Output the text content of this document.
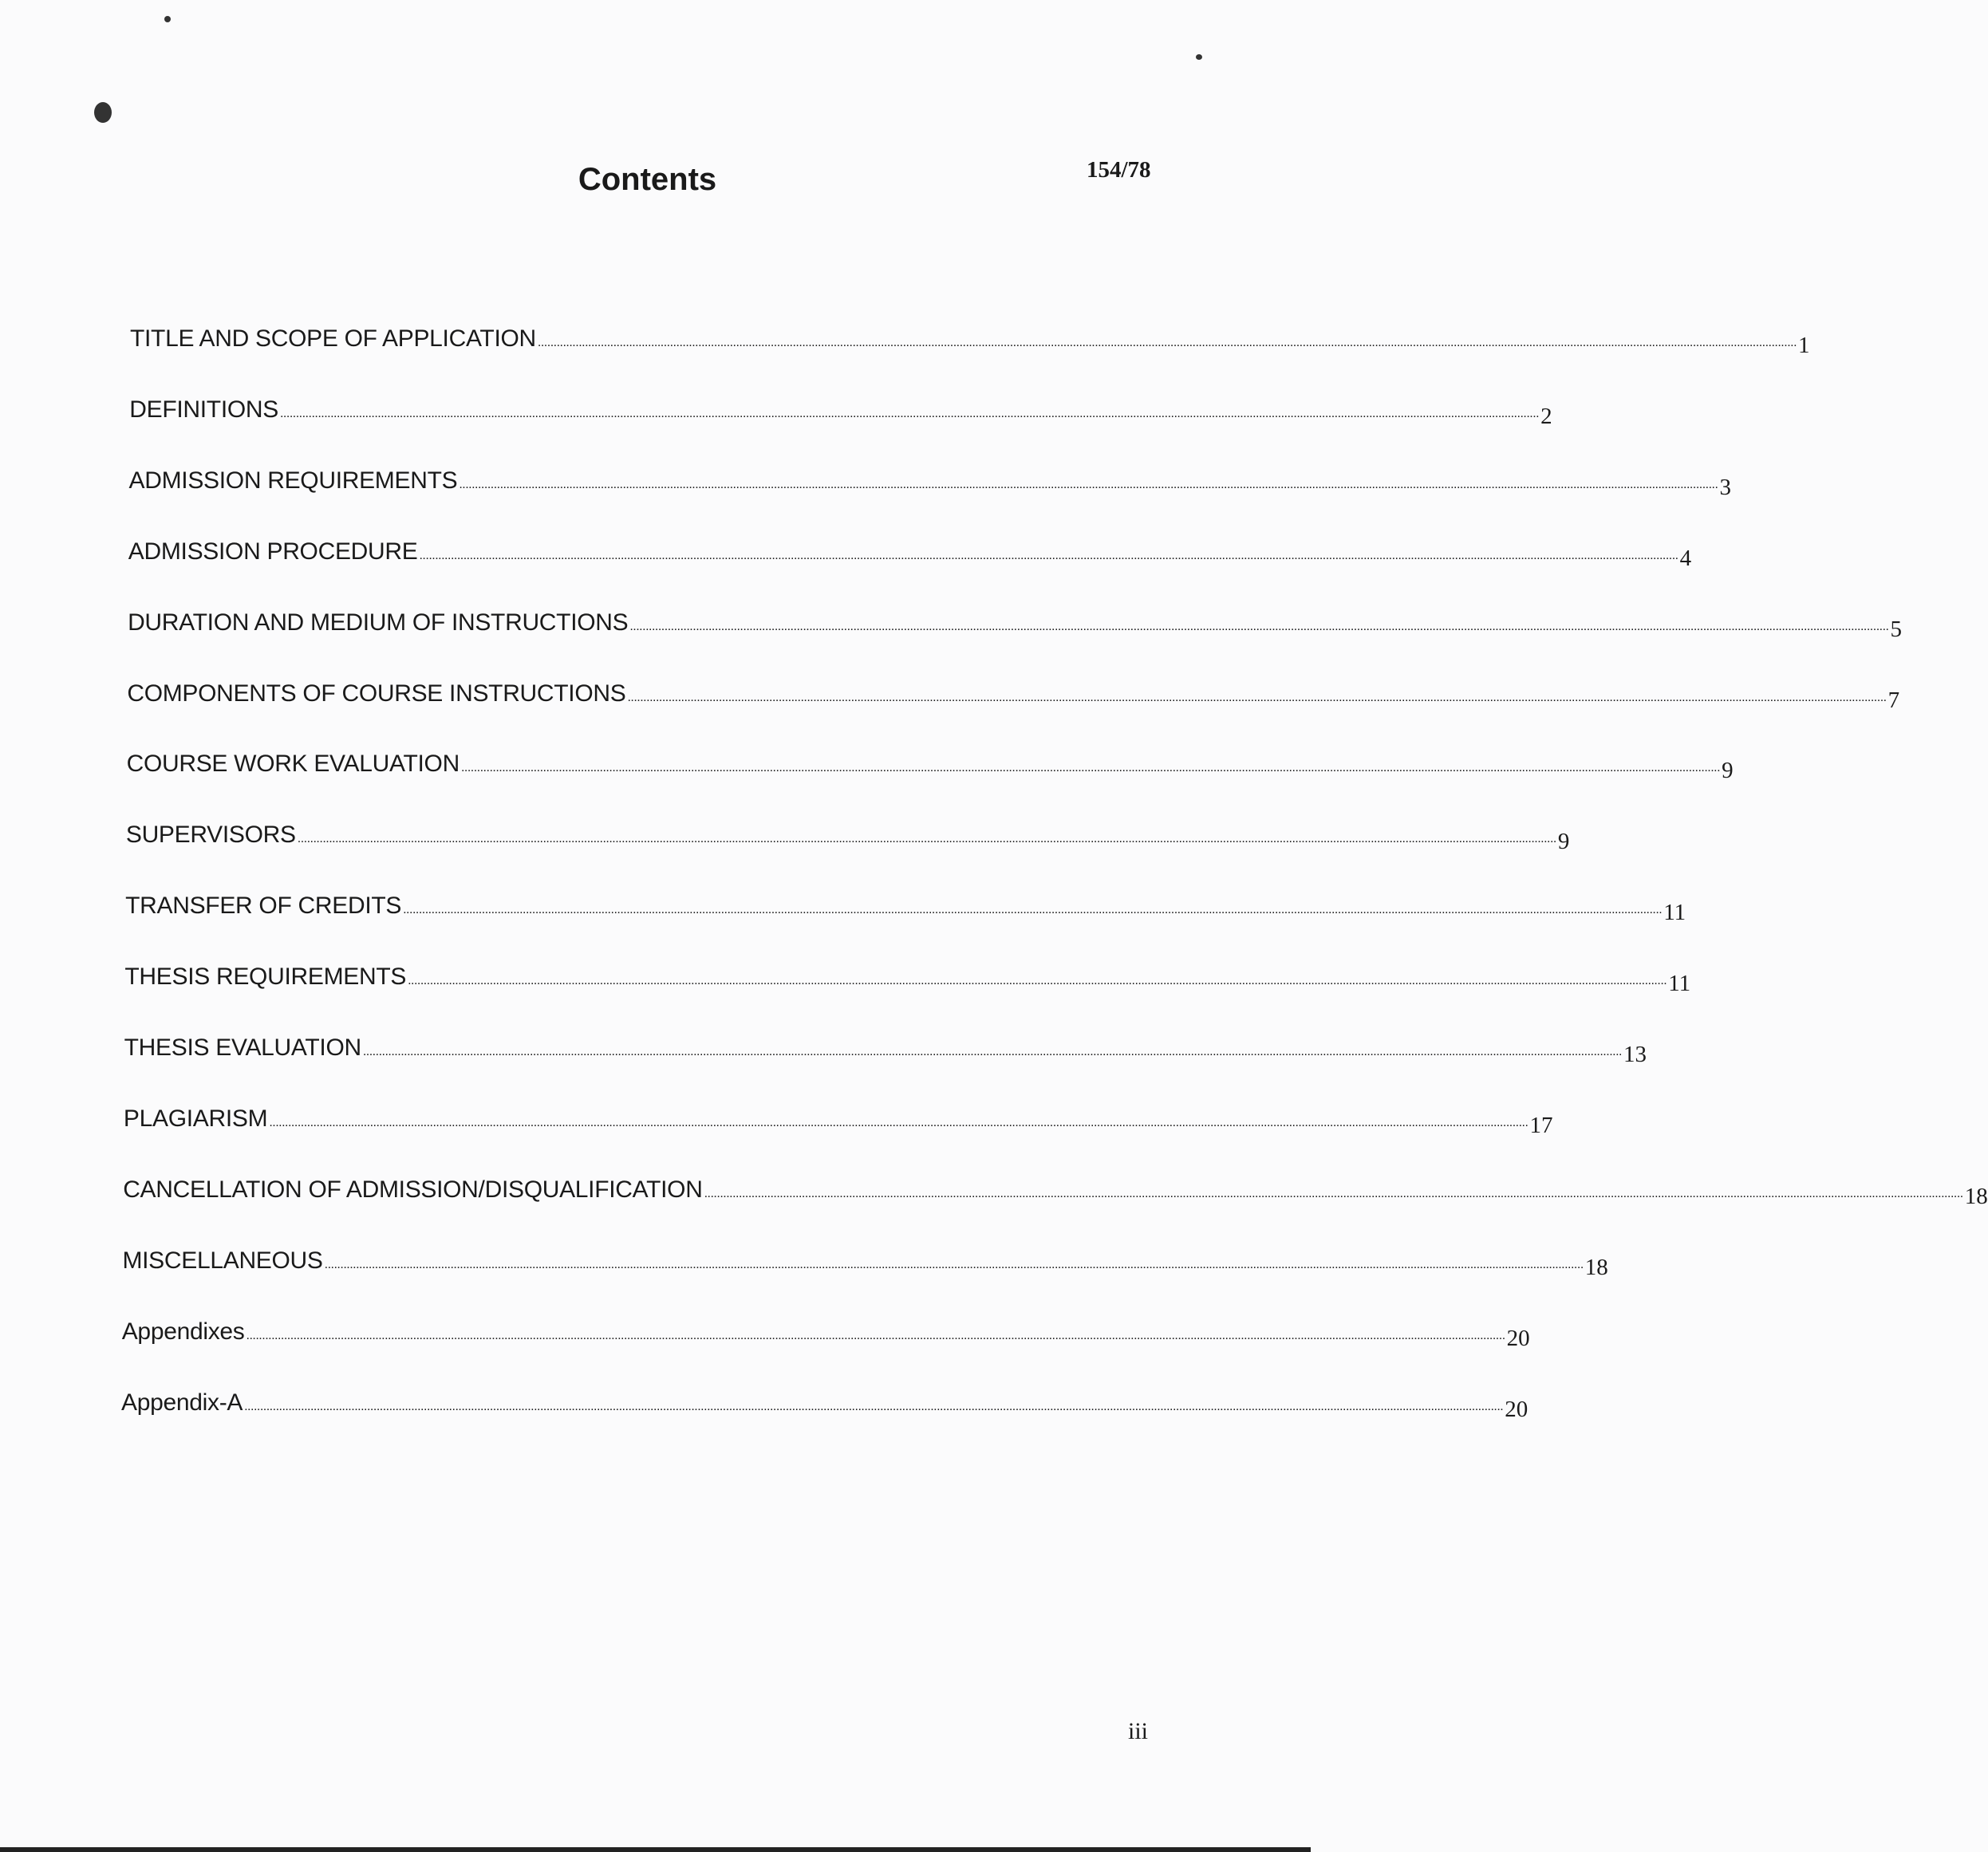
Contents	154/78
TITLE AND SCOPE OF APPLICATION ................................................................................................................................................................................................................................................................................................................................................................................................................ 1
DEFINITIONS ................................................................................................................................................................................................................................................................................................................................................................................................................ 2
ADMISSION REQUIREMENTS ................................................................................................................................................................................................................................................................................................................................................................................................................ 3
ADMISSION PROCEDURE ................................................................................................................................................................................................................................................................................................................................................................................................................ 4
DURATION AND MEDIUM OF INSTRUCTIONS ................................................................................................................................................................................................................................................................................................................................................................................................................ 5
COMPONENTS OF COURSE INSTRUCTIONS ................................................................................................................................................................................................................................................................................................................................................................................................................ 7
COURSE WORK EVALUATION ................................................................................................................................................................................................................................................................................................................................................................................................................ 9
SUPERVISORS ................................................................................................................................................................................................................................................................................................................................................................................................................ 9
TRANSFER OF CREDITS ................................................................................................................................................................................................................................................................................................................................................................................................................ 11
THESIS REQUIREMENTS ................................................................................................................................................................................................................................................................................................................................................................................................................ 11
THESIS EVALUATION ................................................................................................................................................................................................................................................................................................................................................................................................................ 13
PLAGIARISM ................................................................................................................................................................................................................................................................................................................................................................................................................ 17
CANCELLATION OF ADMISSION/DISQUALIFICATION ................................................................................................................................................................................................................................................................................................................................................................................................................ 18
MISCELLANEOUS ................................................................................................................................................................................................................................................................................................................................................................................................................ 18
Appendixes ................................................................................................................................................................................................................................................................................................................................................................................................................ 20
Appendix-A ................................................................................................................................................................................................................................................................................................................................................................................................................ 20
iii
